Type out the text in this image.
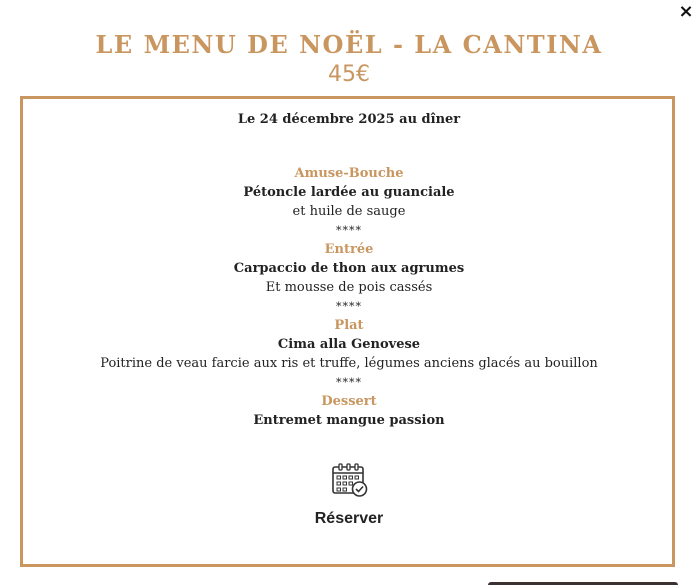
×
LE MENU DE NOËL - LA CANTINA
45€
Le 24 décembre 2025 au dîner
Amuse-Bouche
Pétoncle lardée au guanciale
et huile de sauge
****
Entrée
Carpaccio de thon aux agrumes
Et mousse de pois cassés
****
Plat
Cima alla Genovese
Poitrine de veau farcie aux ris et truffe, légumes anciens glacés au bouillon
****
Dessert
Entremet mangue passion
Réserver
